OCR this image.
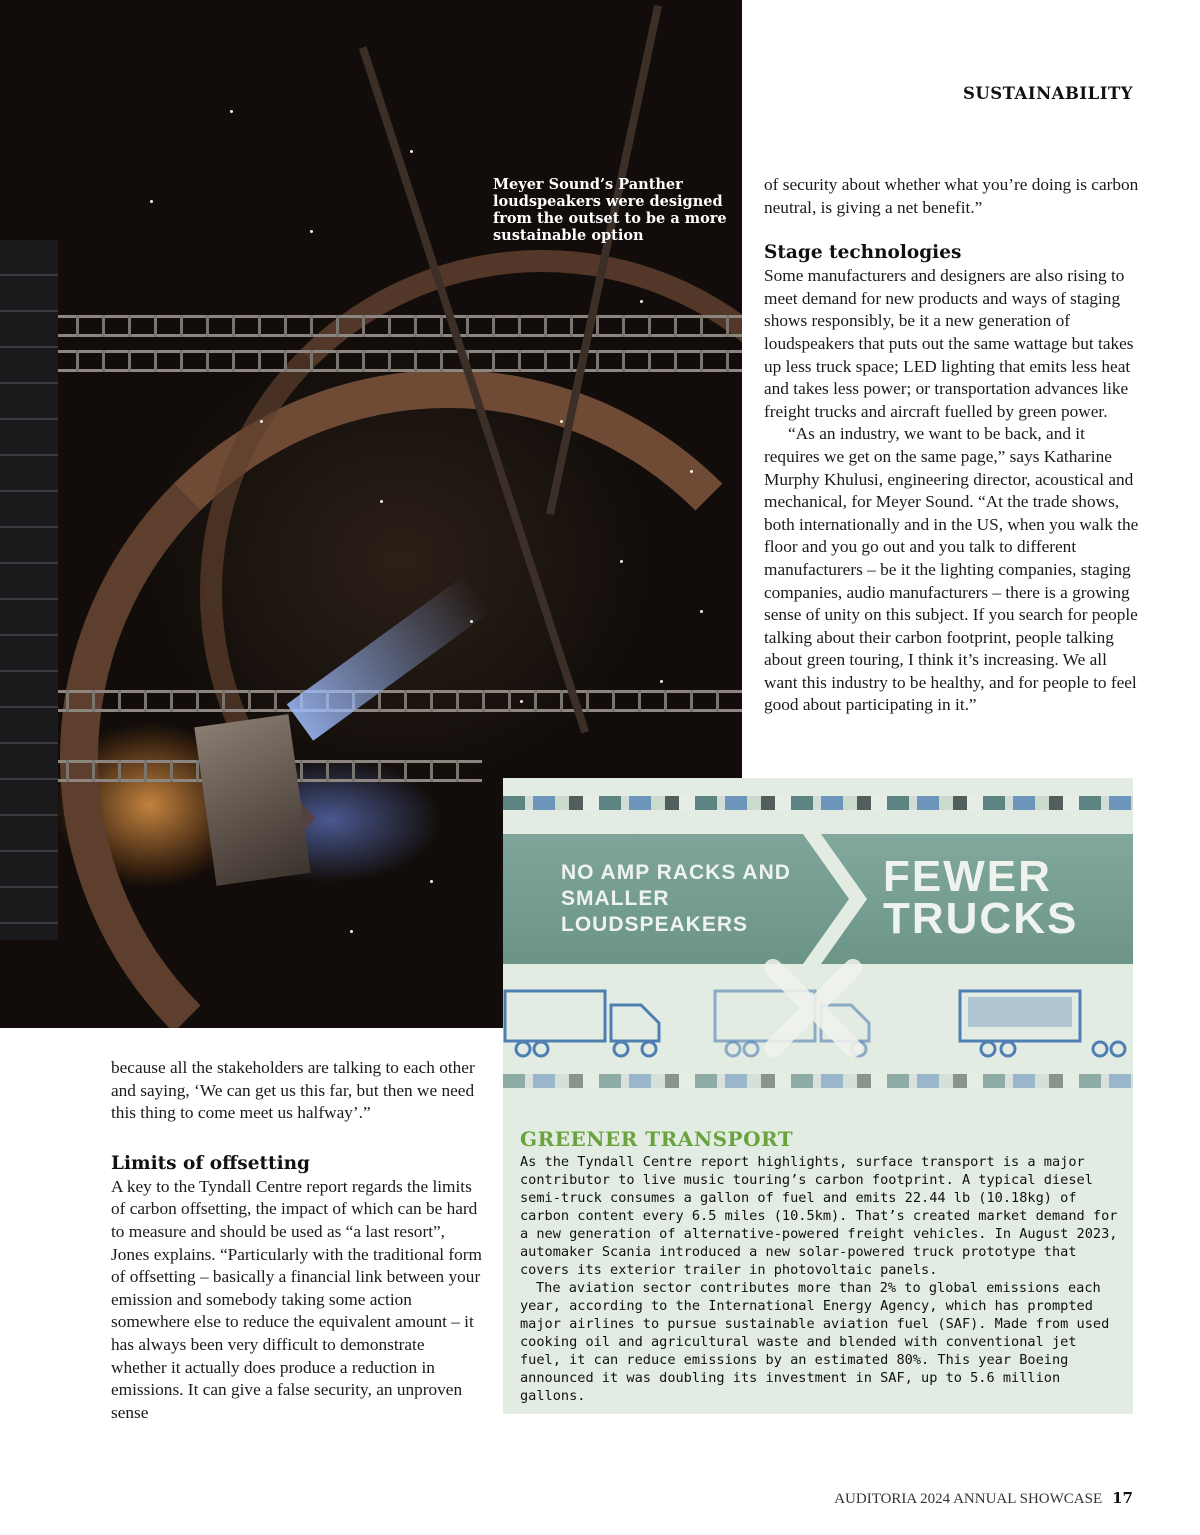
Meyer Sound’s Panther loudspeakers were designed from the outset to be a more sustainable option
SUSTAINABILITY

of security about whether what you’re doing is carbon neutral, is giving a net benefit.”

Stage technologies

Some manufacturers and designers are also rising to meet demand for new products and ways of staging shows responsibly, be it a new generation of loudspeakers that puts out the same wattage but takes up less truck space; LED lighting that emits less heat and takes less power; or transportation advances like freight trucks and aircraft fuelled by green power.

“As an industry, we want to be back, and it requires we get on the same page,” says Katharine Murphy Khulusi, engineering director, acoustical and mechanical, for Meyer Sound. “At the trade shows, both internationally and in the US, when you walk the floor and you go out and you talk to different manufacturers – be it the lighting companies, staging companies, audio manufacturers – there is a growing sense of unity on this subject. If you search for people talking about their carbon footprint, people talking about green touring, I think it’s increasing. We all want this industry to be healthy, and for people to feel good about participating in it.”

NO AMP RACKS AND SMALLER LOUDSPEAKERS
FEWER TRUCKS
GREENER TRANSPORT

As the Tyndall Centre report highlights, surface transport is a major contributor to live music touring’s carbon footprint. A typical diesel semi-truck consumes a gallon of fuel and emits 22.44 lb (10.18kg) of carbon content every 6.5 miles (10.5km). That’s created market demand for a new generation of alternative-powered freight vehicles. In August 2023, automaker Scania introduced a new solar-powered truck prototype that covers its exterior trailer in photovoltaic panels.

The aviation sector contributes more than 2% to global emissions each year, according to the International Energy Agency, which has prompted major airlines to pursue sustainable aviation fuel (SAF). Made from used cooking oil and agricultural waste and blended with conventional jet fuel, it can reduce emissions by an estimated 80%. This year Boeing announced it was doubling its investment in SAF, up to 5.6 million gallons.

because all the stakeholders are talking to each other and saying, ‘We can get us this far, but then we need this thing to come meet us halfway’.”

Limits of offsetting

A key to the Tyndall Centre report regards the limits of carbon offsetting, the impact of which can be hard to measure and should be used as “a last resort”, Jones explains. “Particularly with the traditional form of offsetting – basically a financial link between your emission and somebody taking some action somewhere else to reduce the equivalent amount – it has always been very difficult to demonstrate whether it actually does produce a reduction in emissions. It can give a false security, an unproven sense

AUDITORIA 2024 ANNUAL SHOWCASE 17
